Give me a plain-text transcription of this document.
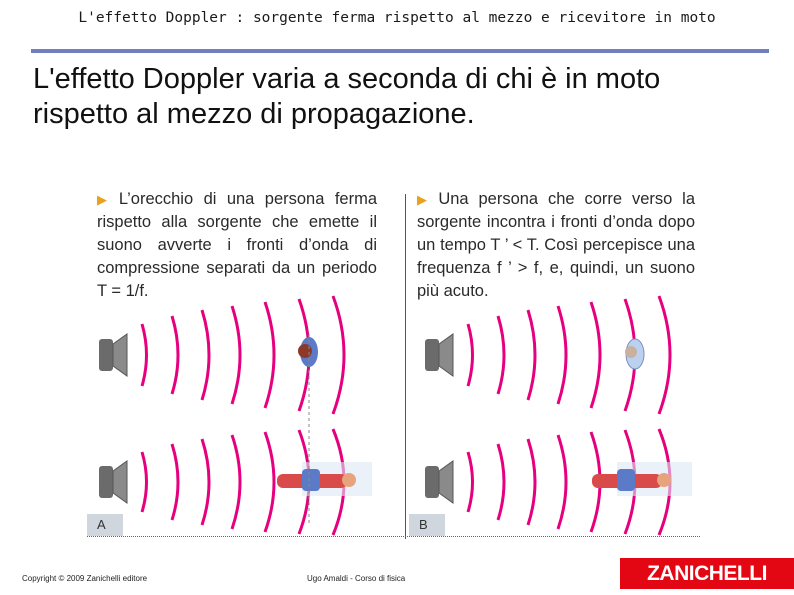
L'effetto Doppler : sorgente ferma rispetto al mezzo e ricevitore in moto
L'effetto Doppler varia a seconda di chi è in moto rispetto al mezzo di propagazione.
▶ L’orecchio di una persona ferma rispetto alla sorgente che emette il suono avverte i fronti d’onda di compressione separati da un periodo T = 1/f.
▶ Una persona che corre verso la sorgente incontra i fronti d’onda dopo un tempo T ’ < T. Così percepisce una frequenza f ’ > f, e, quindi, un suono più acuto.
A	B
Copyright © 2009 Zanichelli editore	Ugo Amaldi - Corso di fisica	ZANICHELLI
